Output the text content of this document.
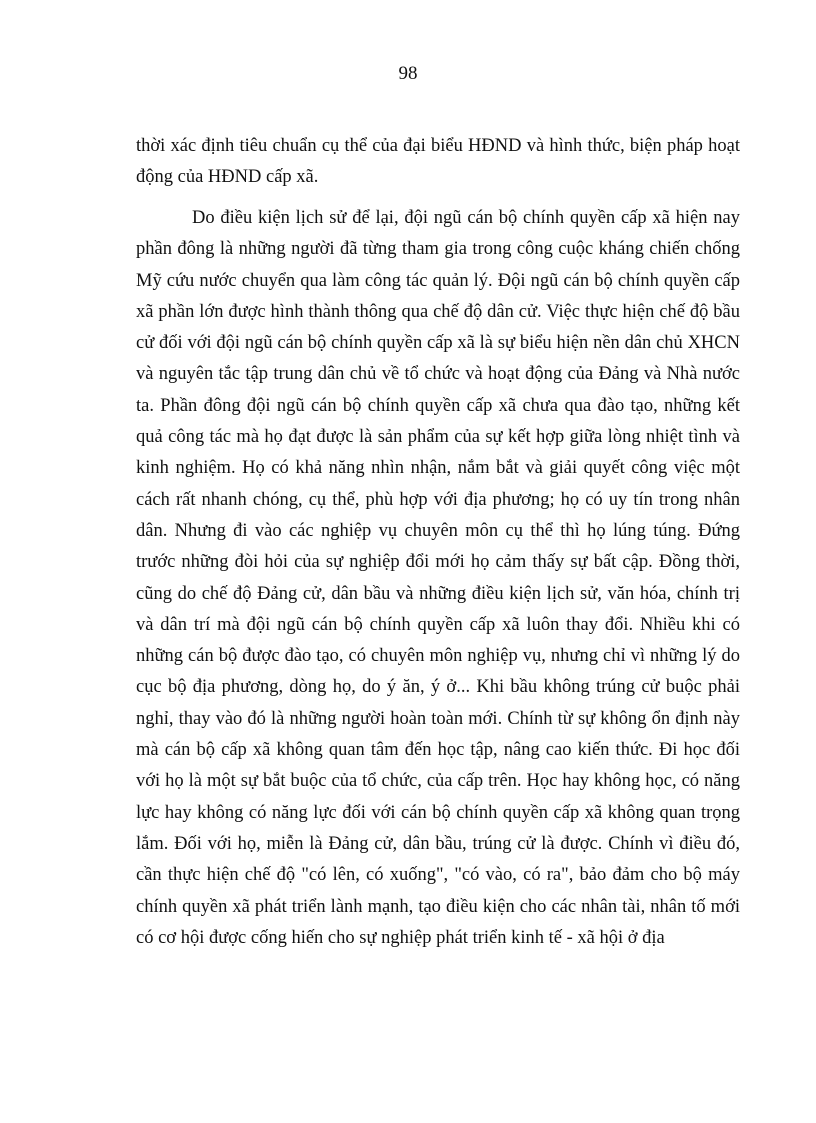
98

thời xác định tiêu chuẩn cụ thể của đại biểu HĐND và hình thức, biện pháp hoạt động của HĐND cấp xã.

Do điều kiện lịch sử để lại, đội ngũ cán bộ chính quyền cấp xã hiện nay phần đông là những người đã từng tham gia trong công cuộc kháng chiến chống Mỹ cứu nước chuyển qua làm công tác quản lý. Đội ngũ cán bộ chính quyền cấp xã phần lớn được hình thành thông qua chế độ dân cử. Việc thực hiện chế độ bầu cử đối với đội ngũ cán bộ chính quyền cấp xã là sự biểu hiện nền dân chủ XHCN và nguyên tắc tập trung dân chủ về tổ chức và hoạt động của Đảng và Nhà nước ta. Phần đông đội ngũ cán bộ chính quyền cấp xã chưa qua đào tạo, những kết quả công tác mà họ đạt được là sản phẩm của sự kết hợp giữa lòng nhiệt tình và kinh nghiệm. Họ có khả năng nhìn nhận, nắm bắt và giải quyết công việc một cách rất nhanh chóng, cụ thể, phù hợp với địa phương; họ có uy tín trong nhân dân. Nhưng đi vào các nghiệp vụ chuyên môn cụ thể thì họ lúng túng. Đứng trước những đòi hỏi của sự nghiệp đổi mới họ cảm thấy sự bất cập. Đồng thời, cũng do chế độ Đảng cử, dân bầu và những điều kiện lịch sử, văn hóa, chính trị và dân trí mà đội ngũ cán bộ chính quyền cấp xã luôn thay đổi. Nhiều khi có những cán bộ được đào tạo, có chuyên môn nghiệp vụ, nhưng chỉ vì những lý do cục bộ địa phương, dòng họ, do ý ăn, ý ở... Khi bầu không trúng cử buộc phải nghỉ, thay vào đó là những người hoàn toàn mới. Chính từ sự không ổn định này mà cán bộ cấp xã không quan tâm đến học tập, nâng cao kiến thức. Đi học đối với họ là một sự bắt buộc của tổ chức, của cấp trên. Học hay không học, có năng lực hay không có năng lực đối với cán bộ chính quyền cấp xã không quan trọng lắm. Đối với họ, miễn là Đảng cử, dân bầu, trúng cử là được. Chính vì điều đó, cần thực hiện chế độ "có lên, có xuống", "có vào, có ra", bảo đảm cho bộ máy chính quyền xã phát triển lành mạnh, tạo điều kiện cho các nhân tài, nhân tố mới có cơ hội được cống hiến cho sự nghiệp phát triển kinh tế - xã hội ở địa
